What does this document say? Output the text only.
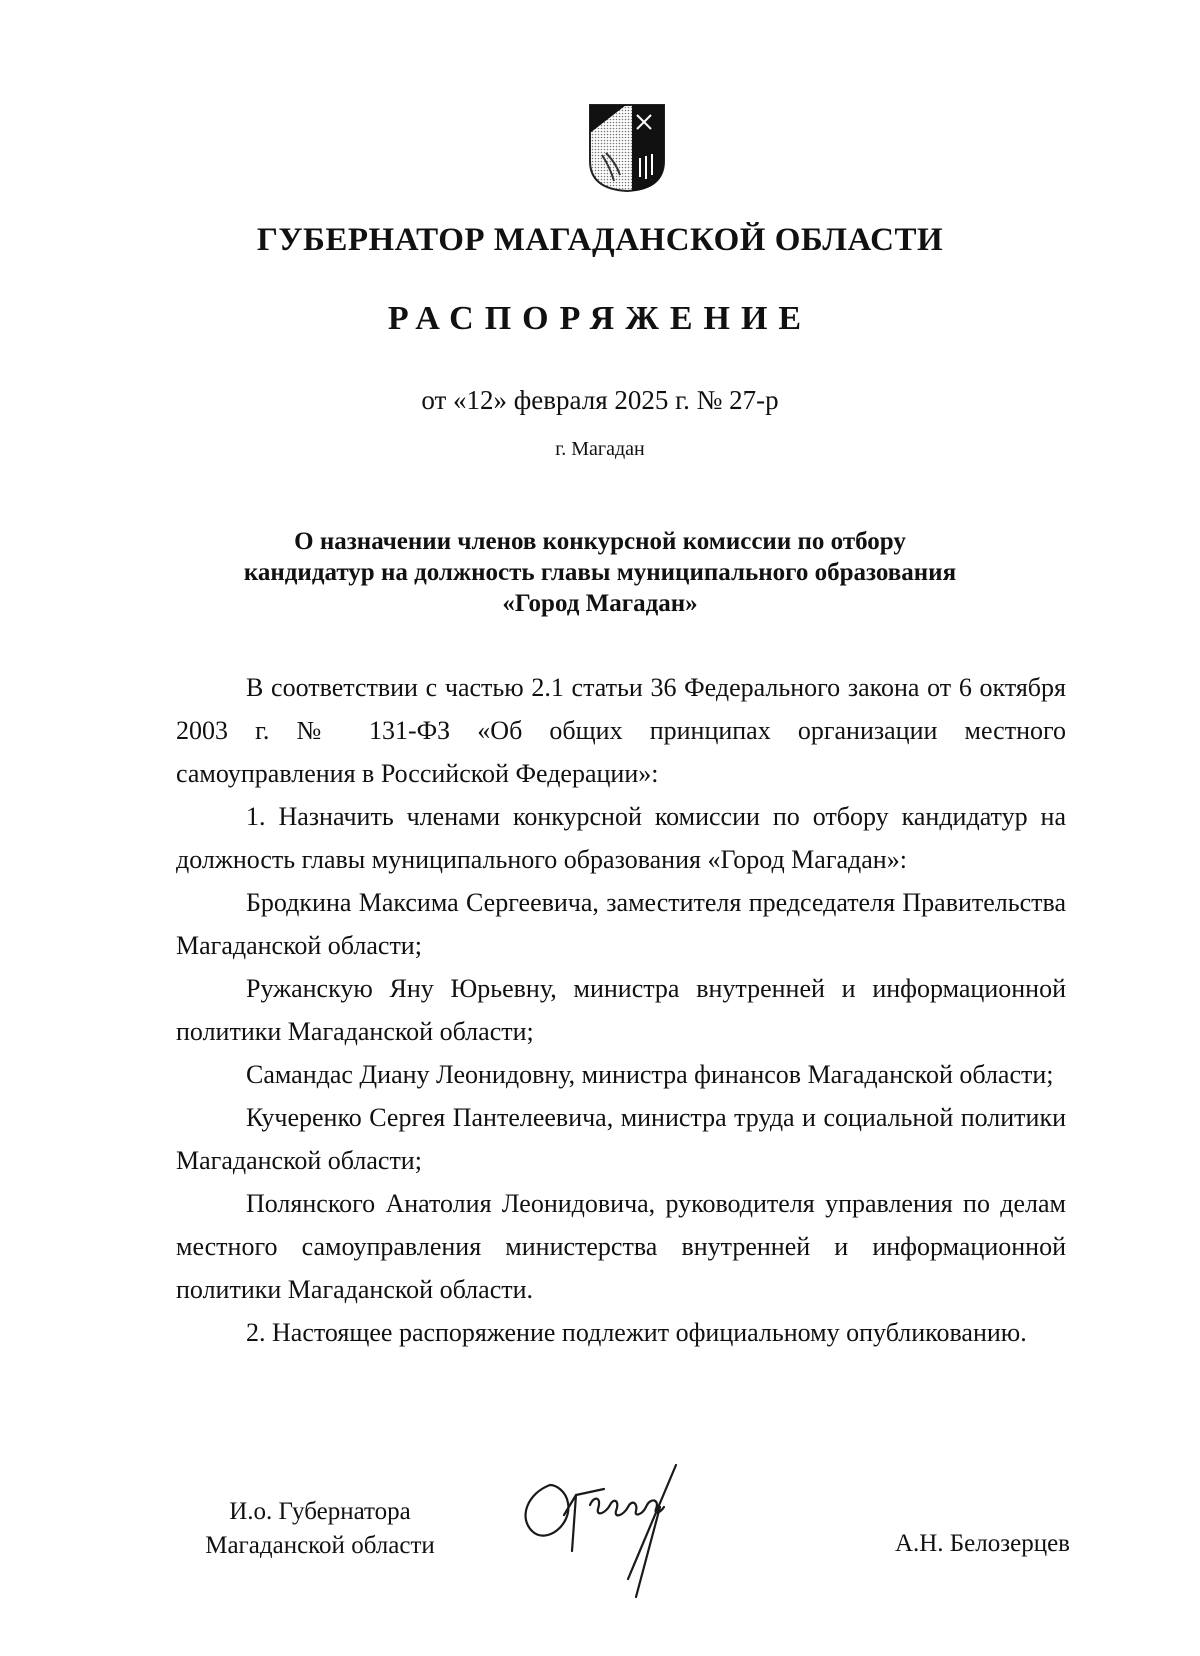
ГУБЕРНАТОР МАГАДАНСКОЙ ОБЛАСТИ
РАСПОРЯЖЕНИЕ
от «12» февраля 2025 г. № 27-р
г. Магадан
О назначении членов конкурсной комиссии по отбору
кандидатур на должность главы муниципального образования
«Город Магадан»

В соответствии с частью 2.1 статьи 36 Федерального закона от 6 октября 2003 г. № 131-ФЗ «Об общих принципах организации местного самоуправления в Российской Федерации»:

1. Назначить членами конкурсной комиссии по отбору кандидатур на должность главы муниципального образования «Город Магадан»:

Бродкина Максима Сергеевича, заместителя председателя Правительства Магаданской области;

Ружанскую Яну Юрьевну, министра внутренней и информационной политики Магаданской области;

Самандас Диану Леонидовну, министра финансов Магаданской области;

Кучеренко Сергея Пантелеевича, министра труда и социальной политики Магаданской области;

Полянского Анатолия Леонидовича, руководителя управления по делам местного самоуправления министерства внутренней и информационной политики Магаданской области.

2. Настоящее распоряжение подлежит официальному опубликованию.

И.о. Губернатора
Магаданской области	А.Н. Белозерцев
